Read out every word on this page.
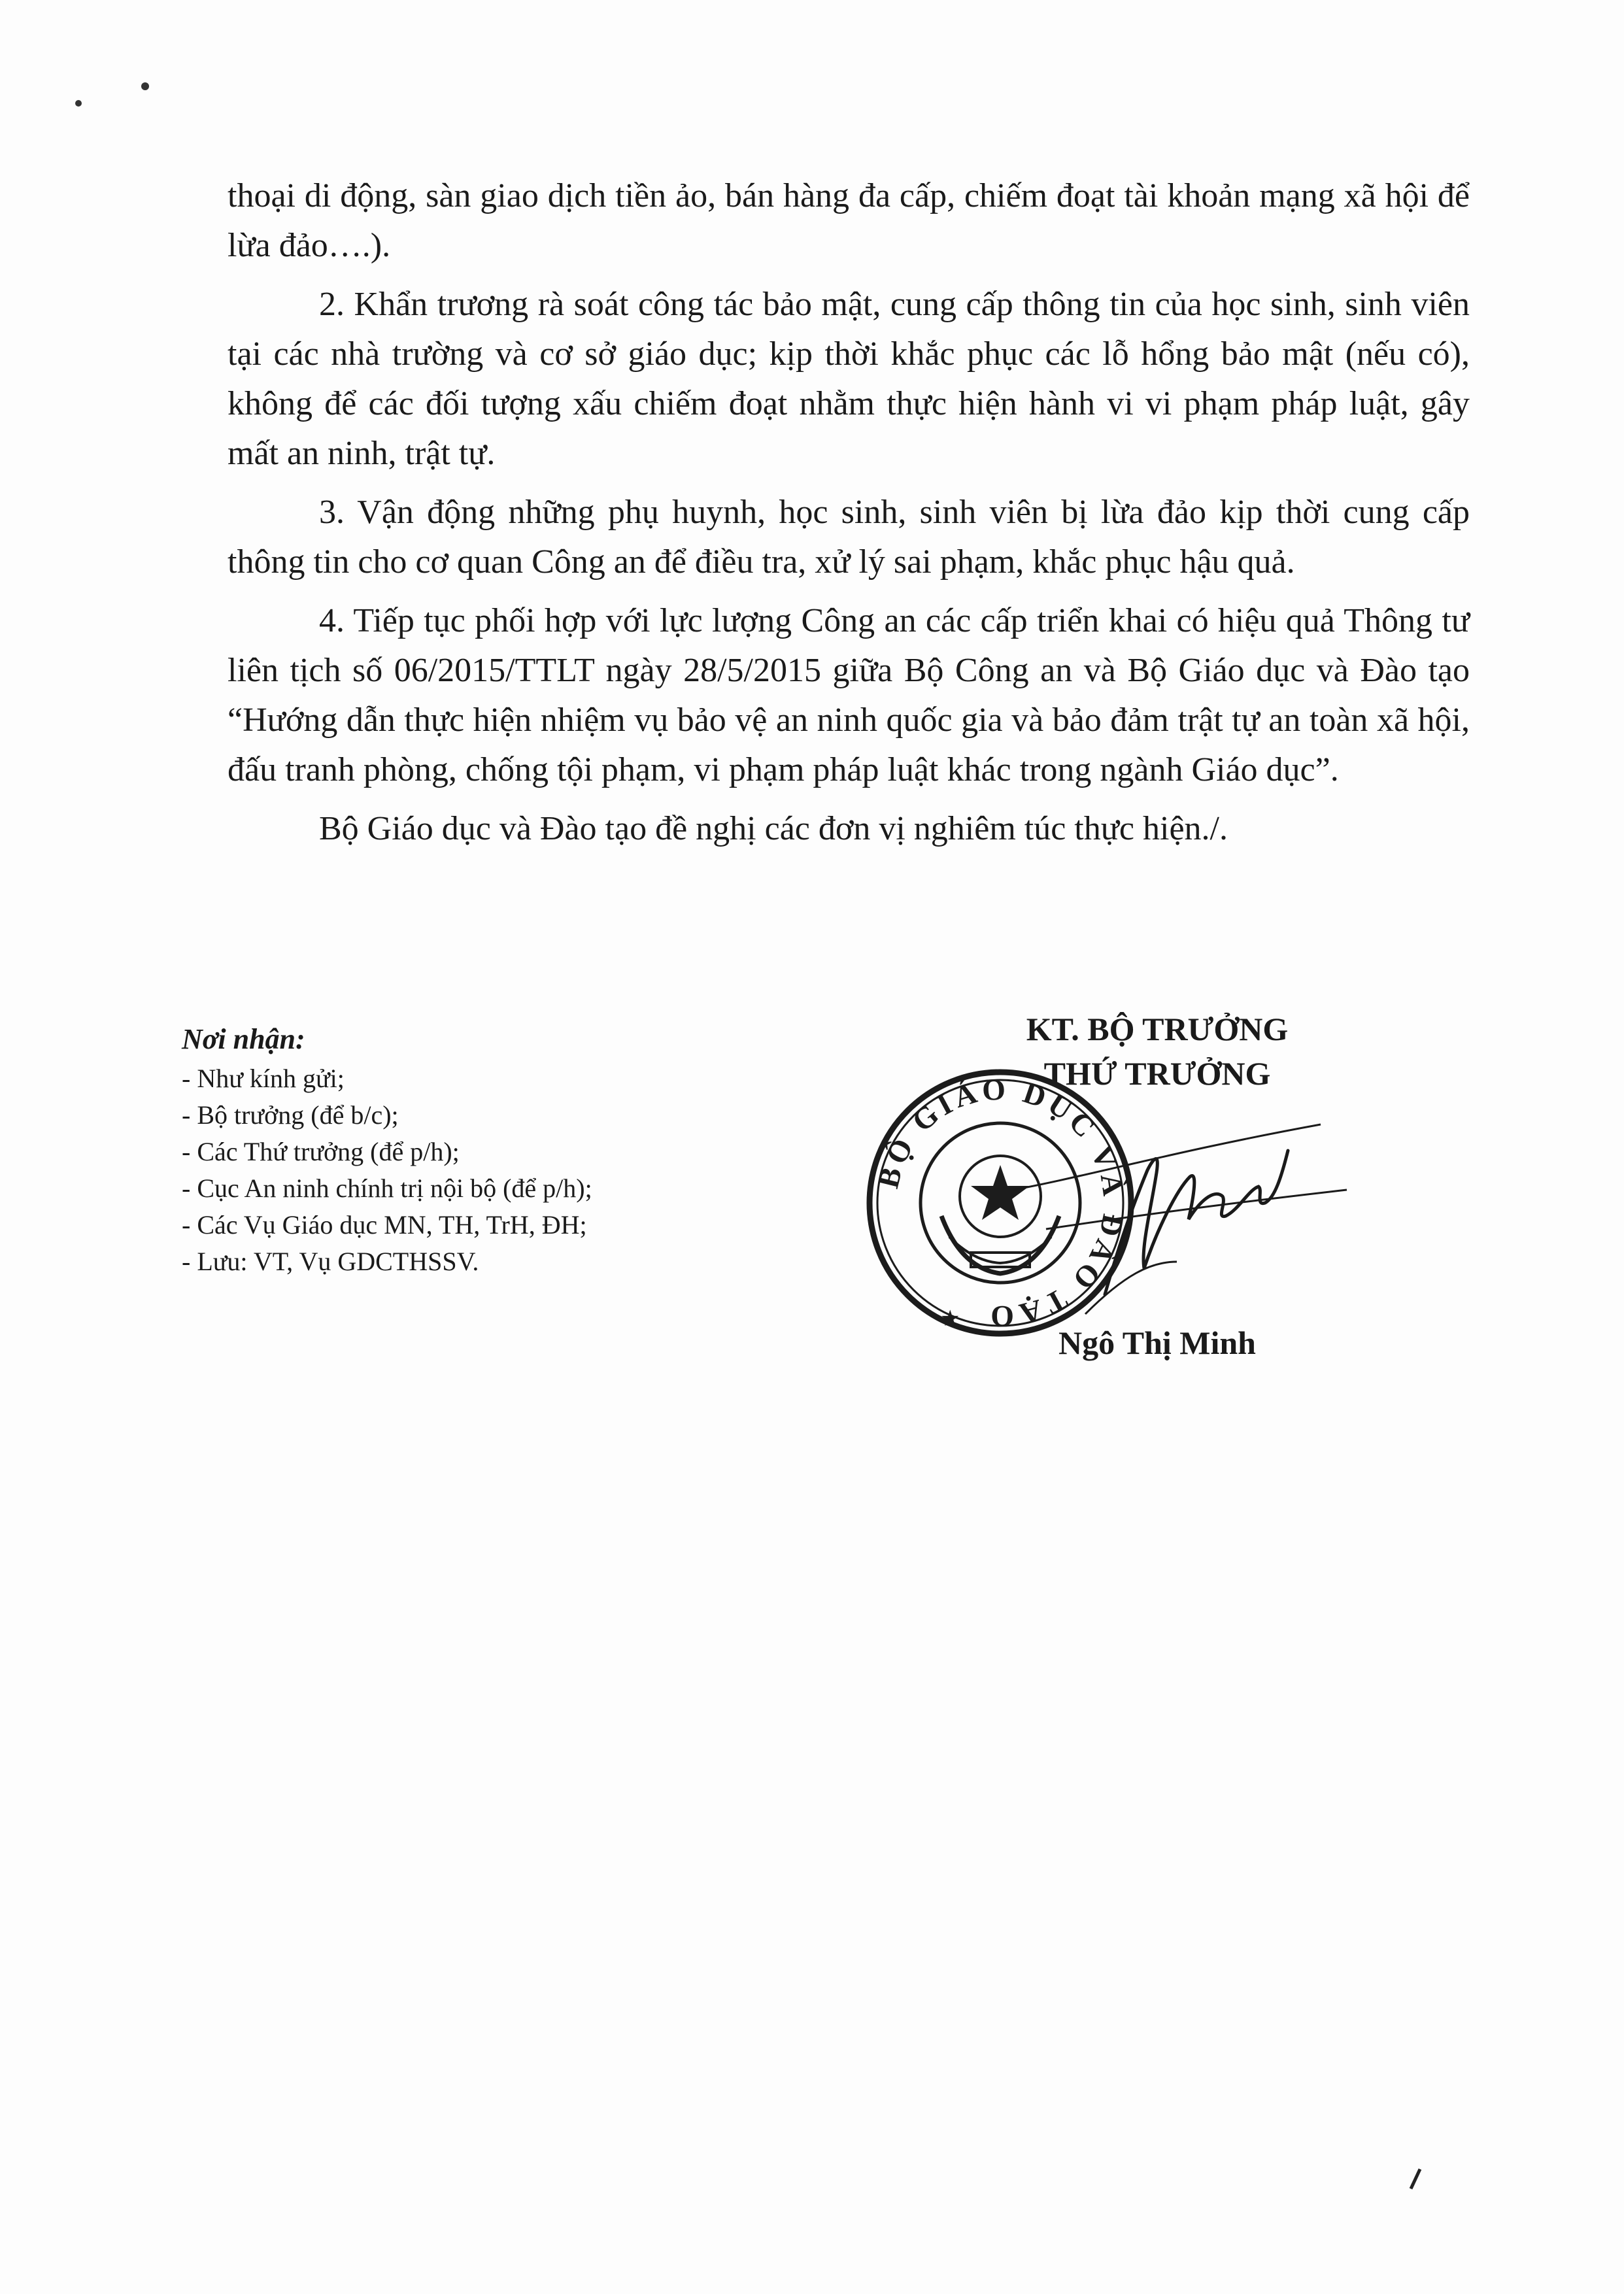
thoại di động, sàn giao dịch tiền ảo, bán hàng đa cấp, chiếm đoạt tài khoản mạng xã hội để lừa đảo….).

2. Khẩn trương rà soát công tác bảo mật, cung cấp thông tin của học sinh, sinh viên tại các nhà trường và cơ sở giáo dục; kịp thời khắc phục các lỗ hổng bảo mật (nếu có), không để các đối tượng xấu chiếm đoạt nhằm thực hiện hành vi vi phạm pháp luật, gây mất an ninh, trật tự.

3. Vận động những phụ huynh, học sinh, sinh viên bị lừa đảo kịp thời cung cấp thông tin cho cơ quan Công an để điều tra, xử lý sai phạm, khắc phục hậu quả.

4. Tiếp tục phối hợp với lực lượng Công an các cấp triển khai có hiệu quả Thông tư liên tịch số 06/2015/TTLT ngày 28/5/2015 giữa Bộ Công an và Bộ Giáo dục và Đào tạo “Hướng dẫn thực hiện nhiệm vụ bảo vệ an ninh quốc gia và bảo đảm trật tự an toàn xã hội, đấu tranh phòng, chống tội phạm, vi phạm pháp luật khác trong ngành Giáo dục”.

Bộ Giáo dục và Đào tạo đề nghị các đơn vị nghiêm túc thực hiện./.

Nơi nhận:
- Như kính gửi;
- Bộ trưởng (để b/c);
- Các Thứ trưởng (để p/h);
- Cục An ninh chính trị nội bộ (để p/h);
- Các Vụ Giáo dục MN, TH, TrH, ĐH;
- Lưu: VT, Vụ GDCTHSSV.
KT. BỘ TRƯỞNG
THỨ TRƯỞNG
Ngô Thị Minh
BỘ GIÁO DỤC VÀ ĐÀO TẠO
★
